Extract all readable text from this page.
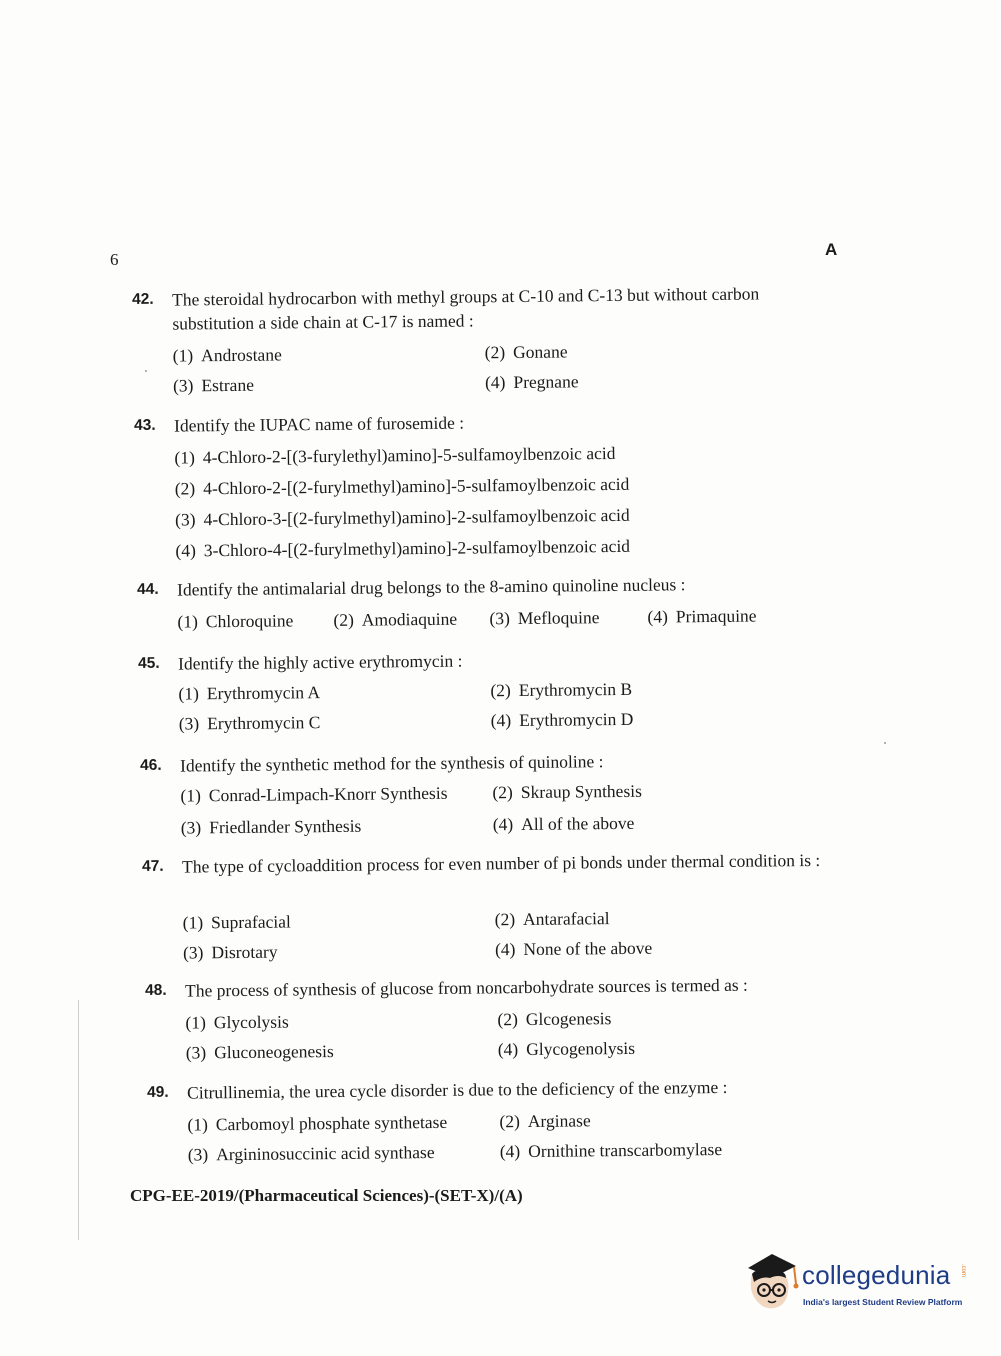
6
A
42. The steroidal hydrocarbon with methyl groups at C-10 and C-13 but without carbon substitution a side chain at C-17 is named :
(1) Androstane	(2) Gonane
(3) Estrane	(4) Pregnane
43. Identify the IUPAC name of furosemide :
(1) 4-Chloro-2-[(3-furylethyl)amino]-5-sulfamoylbenzoic acid
(2) 4-Chloro-2-[(2-furylmethyl)amino]-5-sulfamoylbenzoic acid
(3) 4-Chloro-3-[(2-furylmethyl)amino]-2-sulfamoylbenzoic acid
(4) 3-Chloro-4-[(2-furylmethyl)amino]-2-sulfamoylbenzoic acid
44. Identify the antimalarial drug belongs to the 8-amino quinoline nucleus :
(1) Chloroquine (2) Amodiaquine (3) Mefloquine	(4) Primaquine
45. Identify the highly active erythromycin :
(1) Erythromycin A	(2) Erythromycin B
(3) Erythromycin C	(4) Erythromycin D
46. Identify the synthetic method for the synthesis of quinoline :
(1) Conrad-Limpach-Knorr Synthesis	(2) Skraup Synthesis
(3) Friedlander Synthesis	(4) All of the above
47. The type of cycloaddition process for even number of pi bonds under thermal condition is :
(1) Suprafacial	(2) Antarafacial
(3) Disrotary	(4) None of the above
48. The process of synthesis of glucose from noncarbohydrate sources is termed as :
(1) Glycolysis	(2) Glcogenesis
(3) Gluconeogenesis	(4) Glycogenolysis
49. Citrullinemia, the urea cycle disorder is due to the deficiency of the enzyme :
(1) Carbomoyl phosphate synthetase	(2) Arginase
(3) Argininosuccinic acid synthase	(4) Ornithine transcarbomylase
CPG-EE-2019/(Pharmaceutical Sciences)-(SET-X)/(A)
collegedunia .com
India's largest Student Review Platform
